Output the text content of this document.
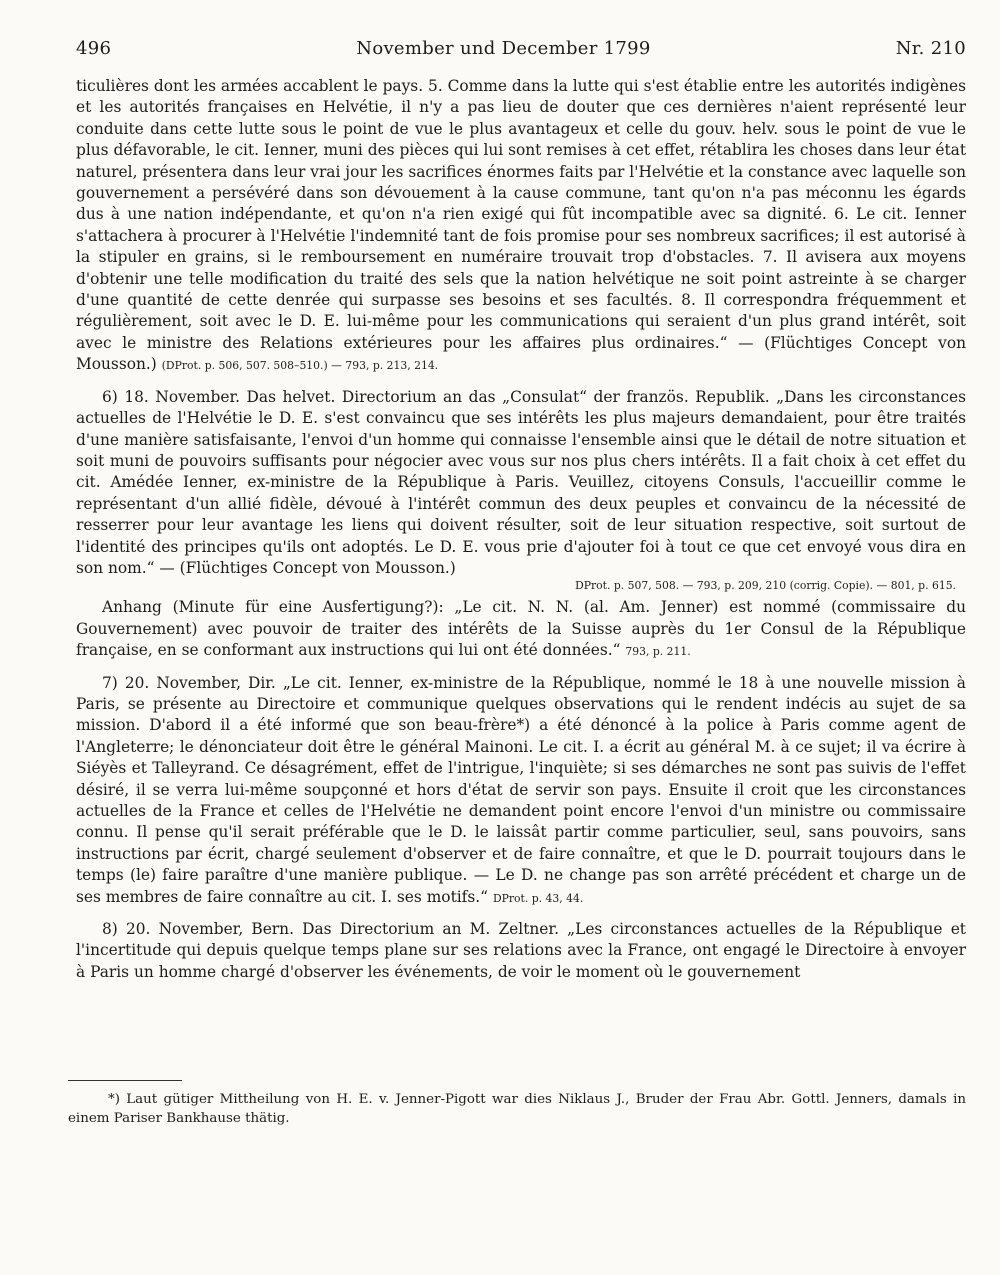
496	November und December 1799	Nr. 210

ticulières dont les armées accablent le pays. 5. Comme dans la lutte qui s'est établie entre les autorités indigènes et les autorités françaises en Helvétie, il n'y a pas lieu de douter que ces dernières n'aient représenté leur conduite dans cette lutte sous le point de vue le plus avantageux et celle du gouv. helv. sous le point de vue le plus défavorable, le cit. Ienner, muni des pièces qui lui sont remises à cet effet, rétablira les choses dans leur état naturel, présentera dans leur vrai jour les sacrifices énormes faits par l'Helvétie et la constance avec laquelle son gouvernement a persévéré dans son dévouement à la cause commune, tant qu'on n'a pas méconnu les égards dus à une nation indépendante, et qu'on n'a rien exigé qui fût incompatible avec sa dignité. 6. Le cit. Ienner s'attachera à procurer à l'Helvétie l'indemnité tant de fois promise pour ses nombreux sacrifices; il est autorisé à la stipuler en grains, si le remboursement en numéraire trouvait trop d'obstacles. 7. Il avisera aux moyens d'obtenir une telle modification du traité des sels que la nation helvétique ne soit point astreinte à se charger d'une quantité de cette denrée qui surpasse ses besoins et ses facultés. 8. Il correspondra fréquemment et régulièrement, soit avec le D. E. lui-même pour les communications qui seraient d'un plus grand intérêt, soit avec le ministre des Relations extérieures pour les affaires plus ordinaires.“ — (Flüchtiges Concept von Mousson.) (DProt. p. 506, 507. 508–510.) — 793, p. 213, 214.

6) 18. November. Das helvet. Directorium an das „Consulat“ der französ. Republik. „Dans les circonstances actuelles de l'Helvétie le D. E. s'est convaincu que ses intérêts les plus majeurs demandaient, pour être traités d'une manière satisfaisante, l'envoi d'un homme qui connaisse l'ensemble ainsi que le détail de notre situation et soit muni de pouvoirs suffisants pour négocier avec vous sur nos plus chers intérêts. Il a fait choix à cet effet du cit. Amédée Ienner, ex-ministre de la République à Paris. Veuillez, citoyens Consuls, l'accueillir comme le représentant d'un allié fidèle, dévoué à l'intérêt commun des deux peuples et convaincu de la nécessité de resserrer pour leur avantage les liens qui doivent résulter, soit de leur situation respective, soit surtout de l'identité des principes qu'ils ont adoptés. Le D. E. vous prie d'ajouter foi à tout ce que cet envoyé vous dira en son nom.“ — (Flüchtiges Concept von Mousson.)

DProt. p. 507, 508. — 793, p. 209, 210 (corrig. Copie). — 801, p. 615.

Anhang (Minute für eine Ausfertigung?): „Le cit. N. N. (al. Am. Jenner) est nommé (commissaire du Gouvernement) avec pouvoir de traiter des intérêts de la Suisse auprès du 1er Consul de la République française, en se conformant aux instructions qui lui ont été données.“ 793, p. 211.

7) 20. November, Dir. „Le cit. Ienner, ex-ministre de la République, nommé le 18 à une nouvelle mission à Paris, se présente au Directoire et communique quelques observations qui le rendent indécis au sujet de sa mission. D'abord il a été informé que son beau-frère*) a été dénoncé à la police à Paris comme agent de l'Angleterre; le dénonciateur doit être le général Mainoni. Le cit. I. a écrit au général M. à ce sujet; il va écrire à Siéyès et Talleyrand. Ce désagrément, effet de l'intrigue, l'inquiète; si ses démarches ne sont pas suivis de l'effet désiré, il se verra lui-même soupçonné et hors d'état de servir son pays. Ensuite il croit que les circonstances actuelles de la France et celles de l'Helvétie ne demandent point encore l'envoi d'un ministre ou commissaire connu. Il pense qu'il serait préférable que le D. le laissât partir comme particulier, seul, sans pouvoirs, sans instructions par écrit, chargé seulement d'observer et de faire connaître, et que le D. pourrait toujours dans le temps (le) faire paraître d'une manière publique. — Le D. ne change pas son arrêté précédent et charge un de ses membres de faire connaître au cit. I. ses motifs.“ DProt. p. 43, 44.

8) 20. November, Bern. Das Directorium an M. Zeltner. „Les circonstances actuelles de la République et l'incertitude qui depuis quelque temps plane sur ses relations avec la France, ont engagé le Directoire à envoyer à Paris un homme chargé d'observer les événements, de voir le moment où le gouvernement

*) Laut gütiger Mittheilung von H. E. v. Jenner-Pigott war dies Niklaus J., Bruder der Frau Abr. Gottl. Jenners, damals in einem Pariser Bankhause thätig.
